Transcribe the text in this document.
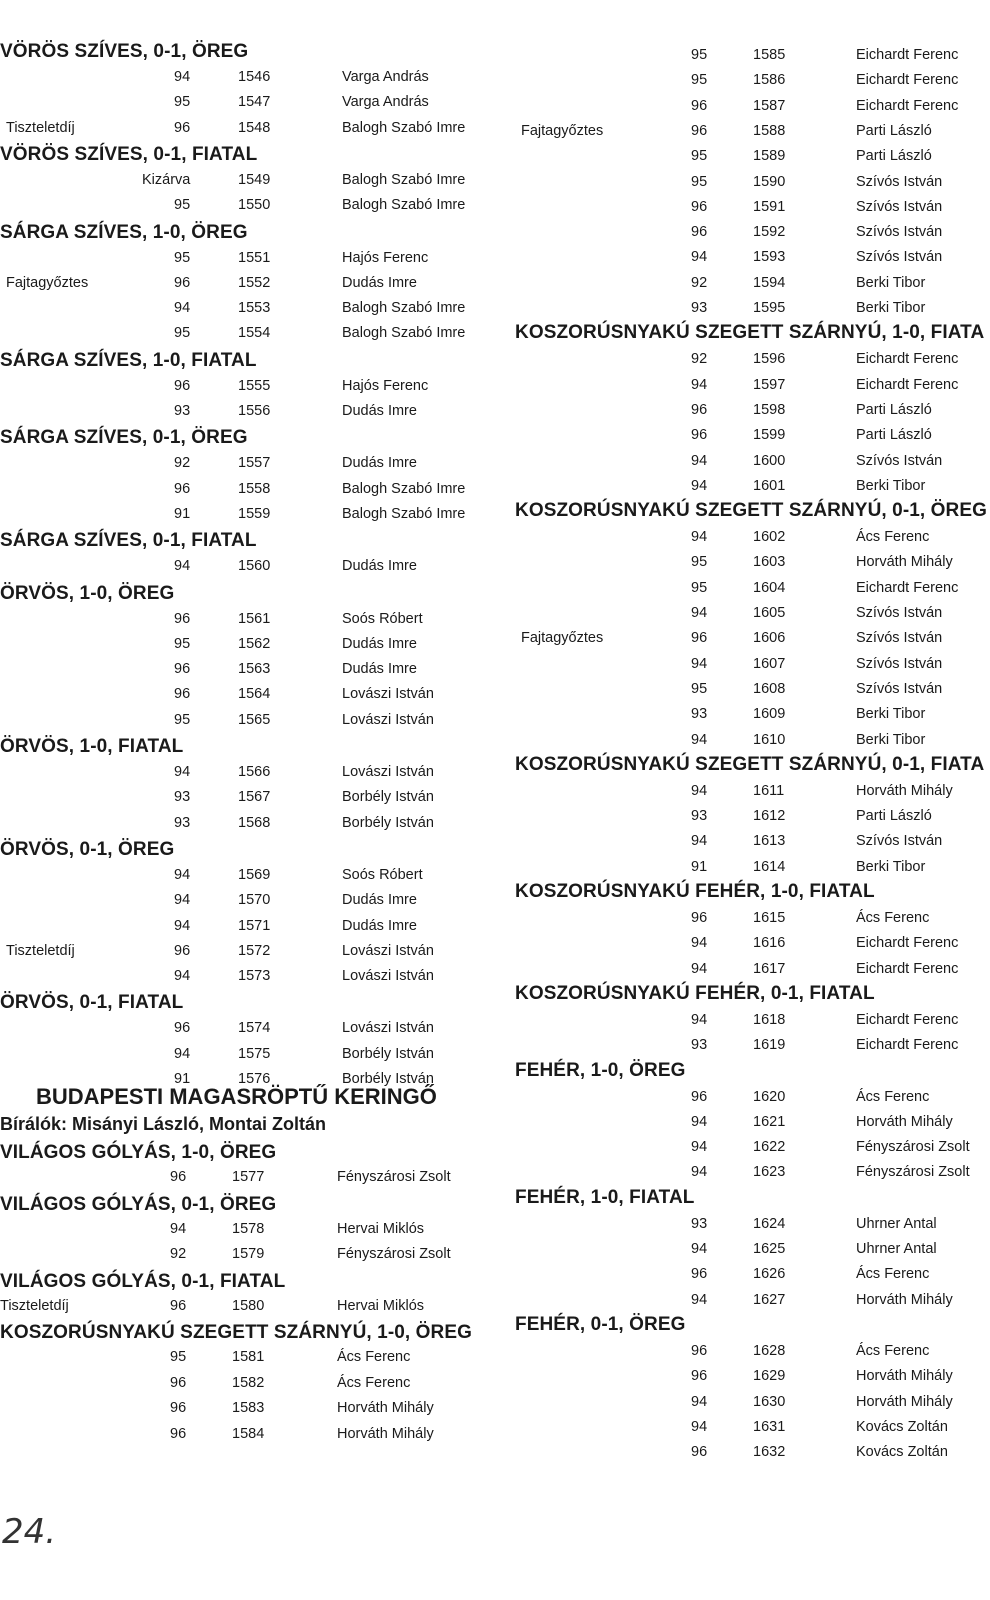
VÖRÖS SZÍVES, 0-1, ÖREG
94	1546	Varga András
95	1547	Varga András
Tiszteletdíj	96	1548	Balogh Szabó Imre
VÖRÖS SZÍVES, 0-1, FIATAL
Kizárva	1549	Balogh Szabó Imre
95	1550	Balogh Szabó Imre
SÁRGA SZÍVES, 1-0, ÖREG
95	1551	Hajós Ferenc
Fajtagyőztes	96	1552	Dudás Imre
94	1553	Balogh Szabó Imre
95	1554	Balogh Szabó Imre
SÁRGA SZÍVES, 1-0, FIATAL
96	1555	Hajós Ferenc
93	1556	Dudás Imre
SÁRGA SZÍVES, 0-1, ÖREG
92	1557	Dudás Imre
96	1558	Balogh Szabó Imre
91	1559	Balogh Szabó Imre
SÁRGA SZÍVES, 0-1, FIATAL
94	1560	Dudás Imre
ÖRVÖS, 1-0, ÖREG
96	1561	Soós Róbert
95	1562	Dudás Imre
96	1563	Dudás Imre
96	1564	Lovászi István
95	1565	Lovászi István
ÖRVÖS, 1-0, FIATAL
94	1566	Lovászi István
93	1567	Borbély István
93	1568	Borbély István
ÖRVÖS, 0-1, ÖREG
94	1569	Soós Róbert
94	1570	Dudás Imre
94	1571	Dudás Imre
Tiszteletdíj	96	1572	Lovászi István
94	1573	Lovászi István
ÖRVÖS, 0-1, FIATAL
96	1574	Lovászi István
94	1575	Borbély István
91	1576	Borbély István
VILÁGOS GÓLYÁS, 1-0, ÖREG
96	1577	Fényszárosi Zsolt
VILÁGOS GÓLYÁS, 0-1, ÖREG
94	1578	Hervai Miklós
92	1579	Fényszárosi Zsolt
VILÁGOS GÓLYÁS, 0-1, FIATAL
Tiszteletdíj	96	1580	Hervai Miklós
KOSZORÚSNYAKÚ SZEGETT SZÁRNYÚ, 1-0, ÖREG
95	1581	Ács Ferenc
96	1582	Ács Ferenc
96	1583	Horváth Mihály
96	1584	Horváth Mihály
95	1585	Eichardt Ferenc
95	1586	Eichardt Ferenc
96	1587	Eichardt Ferenc
Fajtagyőztes	96	1588	Parti László
95	1589	Parti László
95	1590	Szívós István
96	1591	Szívós István
96	1592	Szívós István
94	1593	Szívós István
92	1594	Berki Tibor
93	1595	Berki Tibor
KOSZORÚSNYAKÚ SZEGETT SZÁRNYÚ, 1-0, FIATA
92	1596	Eichardt Ferenc
94	1597	Eichardt Ferenc
96	1598	Parti László
96	1599	Parti László
94	1600	Szívós István
94	1601	Berki Tibor
KOSZORÚSNYAKÚ SZEGETT SZÁRNYÚ, 0-1, ÖREG
94	1602	Ács Ferenc
95	1603	Horváth Mihály
95	1604	Eichardt Ferenc
94	1605	Szívós István
Fajtagyőztes	96	1606	Szívós István
94	1607	Szívós István
95	1608	Szívós István
93	1609	Berki Tibor
94	1610	Berki Tibor
KOSZORÚSNYAKÚ SZEGETT SZÁRNYÚ, 0-1, FIATA
94	1611	Horváth Mihály
93	1612	Parti László
94	1613	Szívós István
91	1614	Berki Tibor
KOSZORÚSNYAKÚ FEHÉR, 1-0, FIATAL
96	1615	Ács Ferenc
94	1616	Eichardt Ferenc
94	1617	Eichardt Ferenc
KOSZORÚSNYAKÚ FEHÉR, 0-1, FIATAL
94	1618	Eichardt Ferenc
93	1619	Eichardt Ferenc
FEHÉR, 1-0, ÖREG
96	1620	Ács Ferenc
94	1621	Horváth Mihály
94	1622	Fényszárosi Zsolt
94	1623	Fényszárosi Zsolt
FEHÉR, 1-0, FIATAL
93	1624	Uhrner Antal
94	1625	Uhrner Antal
96	1626	Ács Ferenc
94	1627	Horváth Mihály
FEHÉR, 0-1, ÖREG
96	1628	Ács Ferenc
96	1629	Horváth Mihály
94	1630	Horváth Mihály
94	1631	Kovács Zoltán
96	1632	Kovács Zoltán
BUDAPESTI MAGASRÖPTŰ KERINGŐ
Bírálók: Misányi László, Montai Zoltán
24.
